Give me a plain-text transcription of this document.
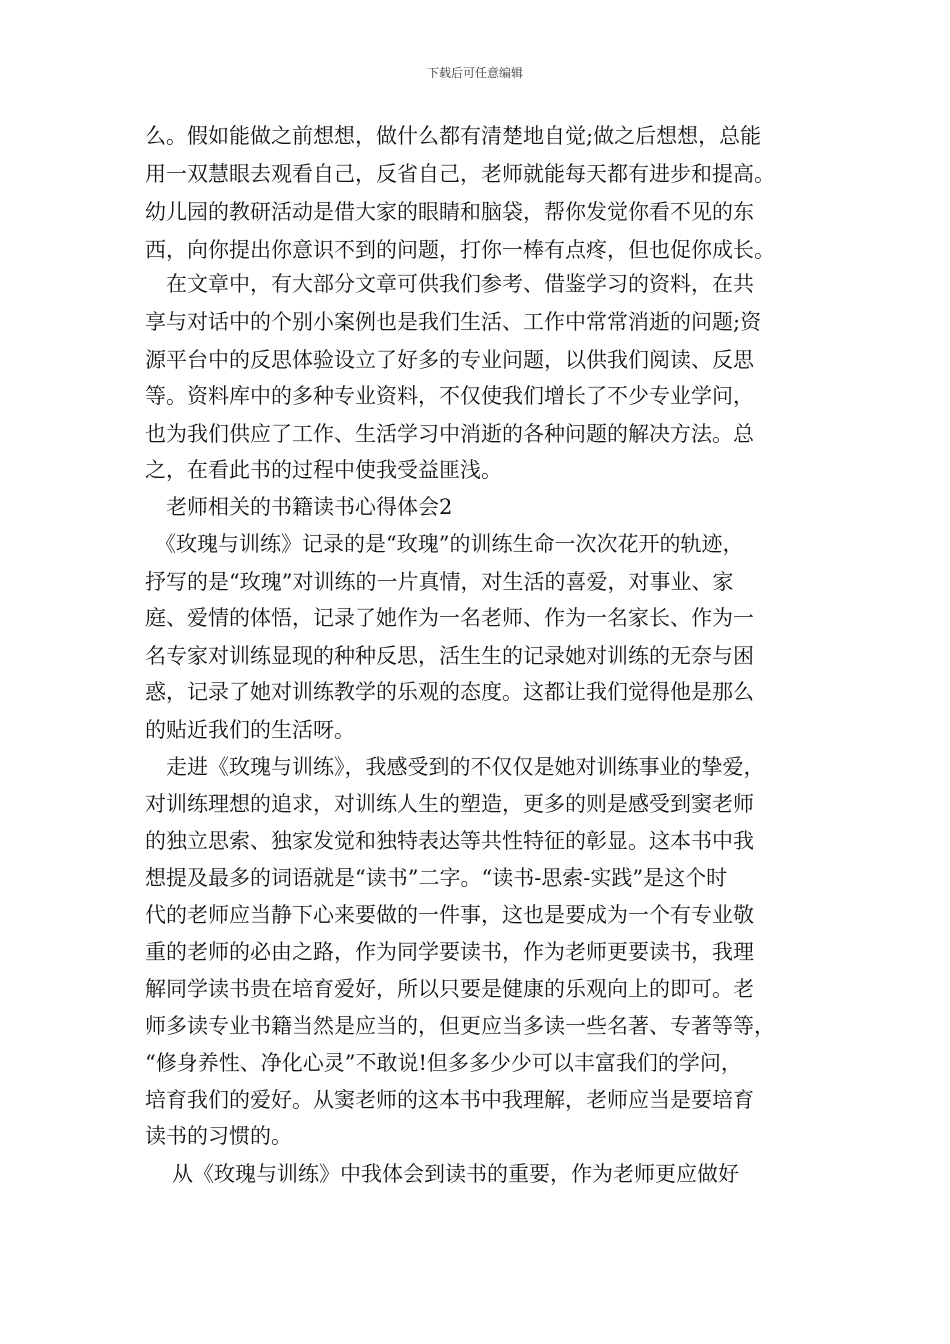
下载后可任意编辑
么。假如能做之前想想，做什么都有清楚地自觉;做之后想想，总能
用一双慧眼去观看自己，反省自己，老师就能每天都有进步和提高。
幼儿园的教研活动是借大家的眼睛和脑袋，帮你发觉你看不见的东
西，向你提出你意识不到的问题，打你一棒有点疼，但也促你成长。
在文章中，有大部分文章可供我们参考、借鉴学习的资料，在共
享与对话中的个别小案例也是我们生活、工作中常常消逝的问题;资
源平台中的反思体验设立了好多的专业问题，以供我们阅读、反思
等。资料库中的多种专业资料，不仅使我们增长了不少专业学问，
也为我们供应了工作、生活学习中消逝的各种问题的解决方法。总
之，在看此书的过程中使我受益匪浅。
老师相关的书籍读书心得体会2
《玫瑰与训练》记录的是“玫瑰”的训练生命一次次花开的轨迹，
抒写的是“玫瑰”对训练的一片真情，对生活的喜爱，对事业、家
庭、爱情的体悟，记录了她作为一名老师、作为一名家长、作为一
名专家对训练显现的种种反思，活生生的记录她对训练的无奈与困
惑，记录了她对训练教学的乐观的态度。这都让我们觉得他是那么
的贴近我们的生活呀。
走进《玫瑰与训练》，我感受到的不仅仅是她对训练事业的挚爱，
对训练理想的追求，对训练人生的塑造，更多的则是感受到窦老师
的独立思索、独家发觉和独特表达等共性特征的彰显。这本书中我
想提及最多的词语就是“读书”二字。“读书-思索-实践”是这个时
代的老师应当静下心来要做的一件事，这也是要成为一个有专业敬
重的老师的必由之路，作为同学要读书，作为老师更要读书，我理
解同学读书贵在培育爱好，所以只要是健康的乐观向上的即可。老
师多读专业书籍当然是应当的，但更应当多读一些名著、专著等等，
“修身养性、净化心灵”不敢说!但多多少少可以丰富我们的学问，
培育我们的爱好。从窦老师的这本书中我理解，老师应当是要培育
读书的习惯的。
从《玫瑰与训练》中我体会到读书的重要，作为老师更应做好
